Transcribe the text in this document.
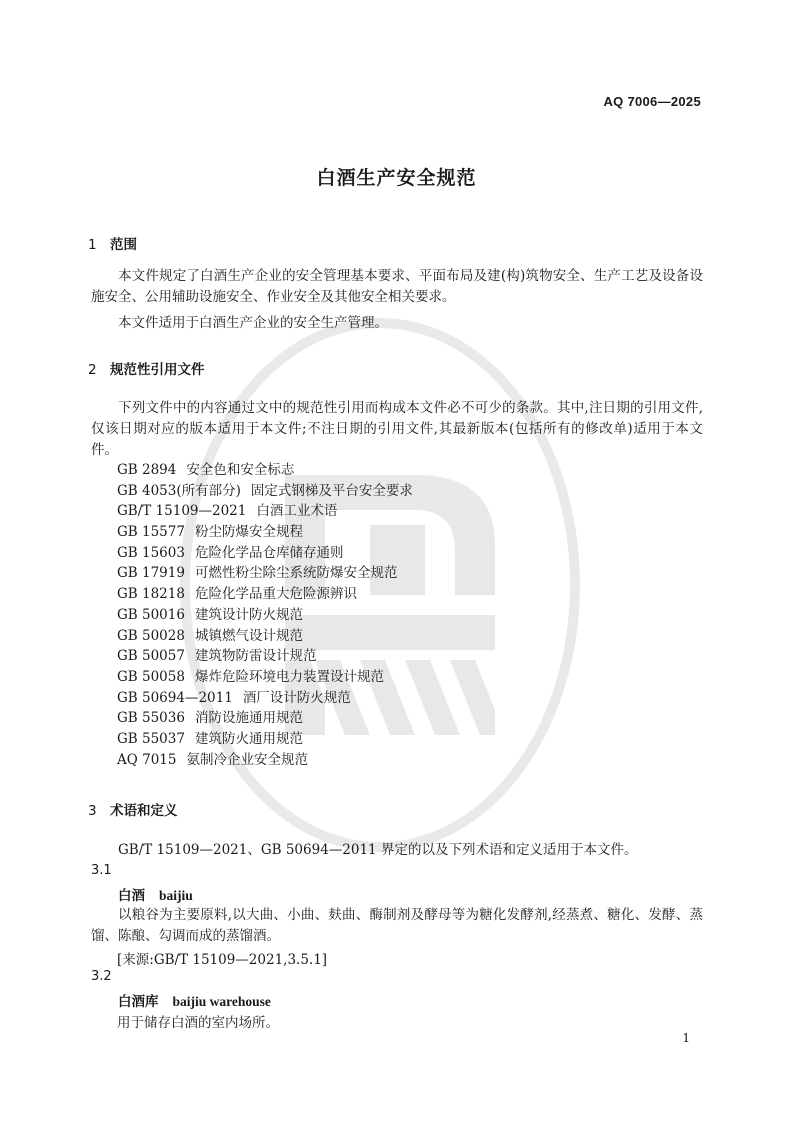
AQ 7006—2025
白酒生产安全规范
1 范围

本文件规定了白酒生产企业的安全管理基本要求、平面布局及建(构)筑物安全、生产工艺及设备设施安全、公用辅助设施安全、作业安全及其他安全相关要求。

本文件适用于白酒生产企业的安全生产管理。

2 规范性引用文件

下列文件中的内容通过文中的规范性引用而构成本文件必不可少的条款。其中,注日期的引用文件,仅该日期对应的版本适用于本文件;不注日期的引用文件,其最新版本(包括所有的修改单)适用于本文件。

GB 2894 安全色和安全标志
GB 4053(所有部分) 固定式钢梯及平台安全要求
GB/T 15109—2021 白酒工业术语
GB 15577 粉尘防爆安全规程
GB 15603 危险化学品仓库储存通则
GB 17919 可燃性粉尘除尘系统防爆安全规范
GB 18218 危险化学品重大危险源辨识
GB 50016 建筑设计防火规范
GB 50028 城镇燃气设计规范
GB 50057 建筑物防雷设计规范
GB 50058 爆炸危险环境电力装置设计规范
GB 50694—2011 酒厂设计防火规范
GB 55036 消防设施通用规范
GB 55037 建筑防火通用规范
AQ 7015 氨制冷企业安全规范
3 术语和定义

GB/T 15109—2021、GB 50694—2011 界定的以及下列术语和定义适用于本文件。

3.1
白酒 baijiu

以粮谷为主要原料,以大曲、小曲、麸曲、酶制剂及酵母等为糖化发酵剂,经蒸煮、糖化、发酵、蒸馏、陈酿、勾调而成的蒸馏酒。

[来源:GB/T 15109—2021,3.5.1]
3.2
白酒库 baijiu warehouse
用于储存白酒的室内场所。
1
